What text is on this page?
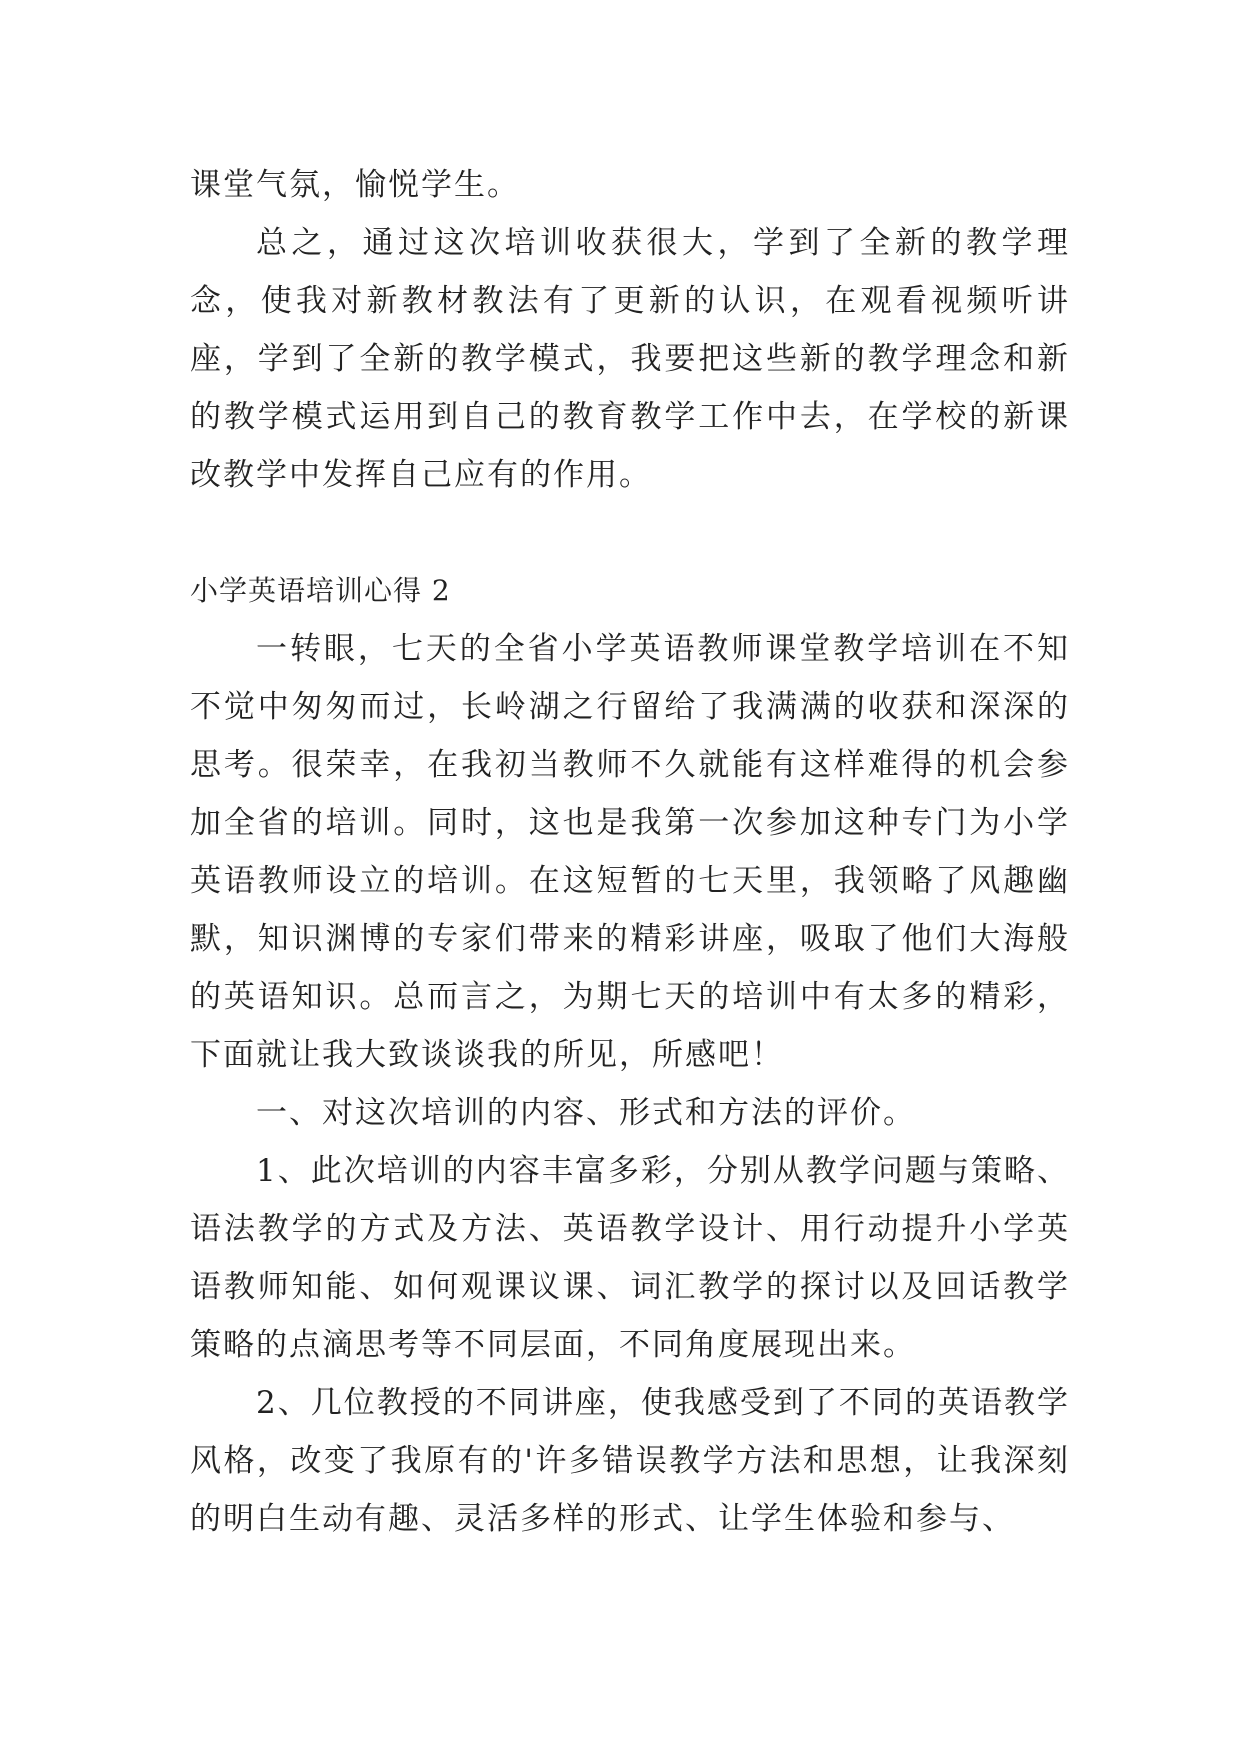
课堂气氛，愉悦学生。

总之，通过这次培训收获很大，学到了全新的教学理念，使我对新教材教法有了更新的认识，在观看视频听讲座，学到了全新的教学模式，我要把这些新的教学理念和新的教学模式运用到自己的教育教学工作中去，在学校的新课改教学中发挥自己应有的作用。

小学英语培训心得 2

一转眼，七天的全省小学英语教师课堂教学培训在不知不觉中匆匆而过，长岭湖之行留给了我满满的收获和深深的思考。很荣幸，在我初当教师不久就能有这样难得的机会参加全省的培训。同时，这也是我第一次参加这种专门为小学英语教师设立的培训。在这短暂的七天里，我领略了风趣幽默，知识渊博的专家们带来的精彩讲座，吸取了他们大海般的英语知识。总而言之，为期七天的培训中有太多的精彩，下面就让我大致谈谈我的所见，所感吧！

一、对这次培训的内容、形式和方法的评价。

1、此次培训的内容丰富多彩，分别从教学问题与策略、语法教学的方式及方法、英语教学设计、用行动提升小学英语教师知能、如何观课议课、词汇教学的探讨以及回话教学策略的点滴思考等不同层面，不同角度展现出来。

2、几位教授的不同讲座，使我感受到了不同的英语教学风格，改变了我原有的'许多错误教学方法和思想，让我深刻的明白生动有趣、灵活多样的形式、让学生体验和参与、
